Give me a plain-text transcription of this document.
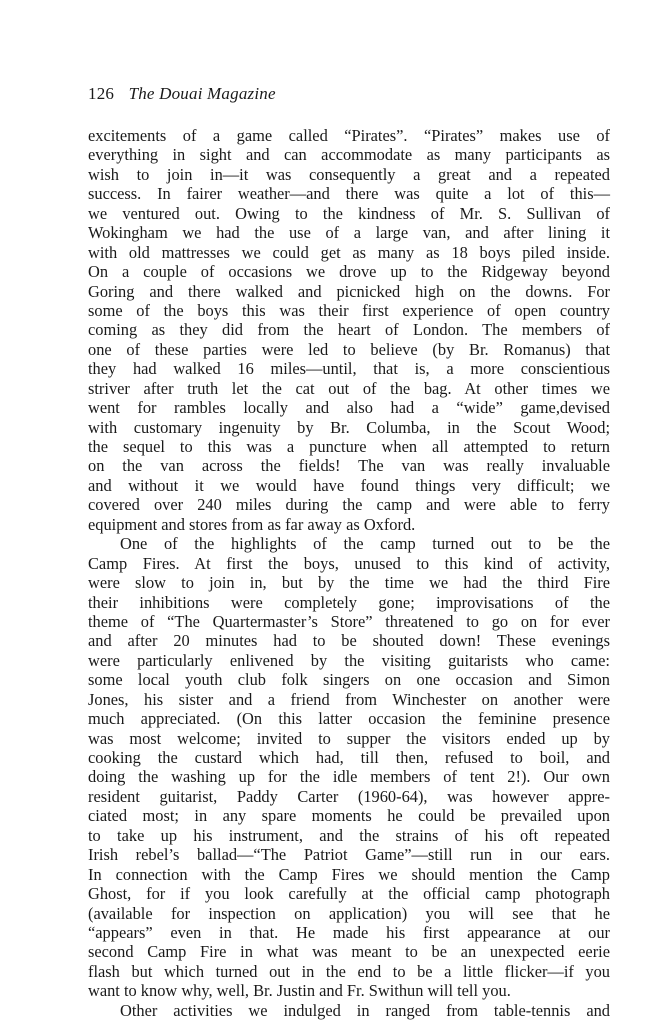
126 The Douai Magazine
excitements of a game called “Pirates”. “Pirates” makes use of
everything in sight and can accommodate as many participants as
wish to join in—it was consequently a great and a repeated
success. In fairer weather—and there was quite a lot of this—
we ventured out. Owing to the kindness of Mr. S. Sullivan of
Wokingham we had the use of a large van, and after lining it
with old mattresses we could get as many as 18 boys piled inside.
On a couple of occasions we drove up to the Ridgeway beyond
Goring and there walked and picnicked high on the downs. For
some of the boys this was their first experience of open country
coming as they did from the heart of London. The members of
one of these parties were led to believe (by Br. Romanus) that
they had walked 16 miles—until, that is, a more conscientious
striver after truth let the cat out of the bag. At other times we
went for rambles locally and also had a “wide” game,devised
with customary ingenuity by Br. Columba, in the Scout Wood;
the sequel to this was a puncture when all attempted to return
on the van across the fields! The van was really invaluable
and without it we would have found things very difficult; we
covered over 240 miles during the camp and were able to ferry
equipment and stores from as far away as Oxford.
One of the highlights of the camp turned out to be the
Camp Fires. At first the boys, unused to this kind of activity,
were slow to join in, but by the time we had the third Fire
their inhibitions were completely gone; improvisations of the
theme of “The Quartermaster’s Store” threatened to go on for ever
and after 20 minutes had to be shouted down! These evenings
were particularly enlivened by the visiting guitarists who came:
some local youth club folk singers on one occasion and Simon
Jones, his sister and a friend from Winchester on another were
much appreciated. (On this latter occasion the feminine presence
was most welcome; invited to supper the visitors ended up by
cooking the custard which had, till then, refused to boil, and
doing the washing up for the idle members of tent 2!). Our own
resident guitarist, Paddy Carter (1960-64), was however appre-
ciated most; in any spare moments he could be prevailed upon
to take up his instrument, and the strains of his oft repeated
Irish rebel’s ballad—“The Patriot Game”—still run in our ears.
In connection with the Camp Fires we should mention the Camp
Ghost, for if you look carefully at the official camp photograph
(available for inspection on application) you will see that he
“appears” even in that. He made his first appearance at our
second Camp Fire in what was meant to be an unexpected eerie
flash but which turned out in the end to be a little flicker—if you
want to know why, well, Br. Justin and Fr. Swithun will tell you.
Other activities we indulged in ranged from table-tennis and
